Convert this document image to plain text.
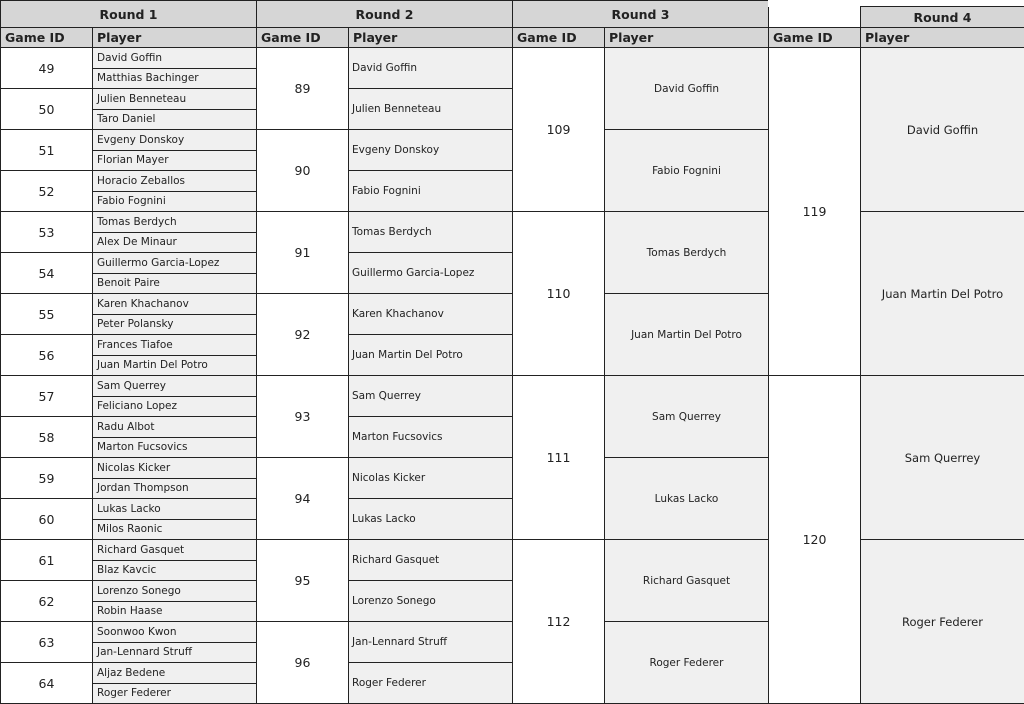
Round 1
Game ID	Player
49
David Goffin
Matthias Bachinger
50
Julien Benneteau
Taro Daniel
51
Evgeny Donskoy
Florian Mayer
52
Horacio Zeballos
Fabio Fognini
53
Tomas Berdych
Alex De Minaur
54
Guillermo Garcia-Lopez
Benoit Paire
55
Karen Khachanov
Peter Polansky
56
Frances Tiafoe
Juan Martin Del Potro
57
Sam Querrey
Feliciano Lopez
58
Radu Albot
Marton Fucsovics
59
Nicolas Kicker
Jordan Thompson
60
Lukas Lacko
Milos Raonic
61
Richard Gasquet
Blaz Kavcic
62
Lorenzo Sonego
Robin Haase
63
Soonwoo Kwon
Jan-Lennard Struff
64
Aljaz Bedene
Roger Federer
Round 2
Game ID	Player
89
David Goffin
Julien Benneteau
90
Evgeny Donskoy
Fabio Fognini
91
Tomas Berdych
Guillermo Garcia-Lopez
92
Karen Khachanov
Juan Martin Del Potro
93
Sam Querrey
Marton Fucsovics
94
Nicolas Kicker
Lukas Lacko
95
Richard Gasquet
Lorenzo Sonego
96
Jan-Lennard Struff
Roger Federer
Round 3
Game ID	Player
109
David Goffin
Fabio Fognini
110
Tomas Berdych
Juan Martin Del Potro
111
Sam Querrey
Lukas Lacko
112
Richard Gasquet
Roger Federer
Round 4
Game ID	Player
119
David Goffin
Juan Martin Del Potro
120
Sam Querrey
Roger Federer
